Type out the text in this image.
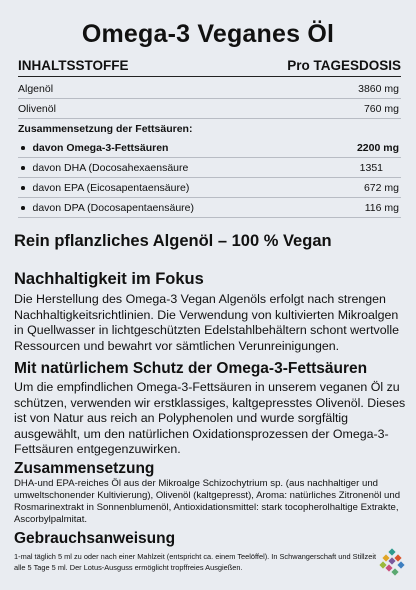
Omega-3 Veganes Öl
INHALTSSTOFFE	Pro TAGESDOSIS
Algenöl	3860 mg
Olivenöl	760 mg
Zusammensetzung der Fettsäuren:
davon Omega-3-Fettsäuren	2200 mg
davon DHA (Docosahexaensäure	1351
davon EPA (Eicosapentaensäure)	672 mg
davon DPA (Docosapentaensäure)	116 mg
Rein pflanzliches Algenöl – 100 % Vegan
Nachhaltigkeit im Fokus
Die Herstellung des Omega-3 Vegan Algenöls erfolgt nach strengen Nachhaltigkeitsrichtlinien. Die Verwendung von kultivierten Mikroalgen in Quellwasser in lichtgeschützten Edelstahlbehältern schont wertvolle Ressourcen und bewahrt vor sämtlichen Verunreinigungen.
Mit natürlichem Schutz der Omega-3-Fettsäuren
Um die empfindlichen Omega-3-Fettsäuren in unserem veganen Öl zu schützen, verwenden wir erstklassiges, kaltgepresstes Olivenöl. Dieses ist von Natur aus reich an Polyphenolen und wurde sorgfältig ausgewählt, um den natürlichen Oxidationsprozessen der Omega-3-Fettsäuren entgegenzuwirken.
Zusammensetzung
DHA-und EPA-reiches Öl aus der Mikroalge Schizochytrium sp. (aus nachhaltiger und umweltschonender Kultivierung), Olivenöl (kaltgepresst), Aroma: natürliches Zitronenöl und Rosmarinextrakt in Sonnenblumenöl, Antioxidationsmittel: stark tocopherolhaltige Extrakte, Ascorbylpalmitat.
Gebrauchsanweisung
1-mal täglich 5 ml zu oder nach einer Mahlzeit (entspricht ca. einem Teelöffel). In Schwangerschaft und Stillzeit alle 5 Tage 5 ml. Der Lotus-Ausguss ermöglicht tropffreies Ausgießen.
